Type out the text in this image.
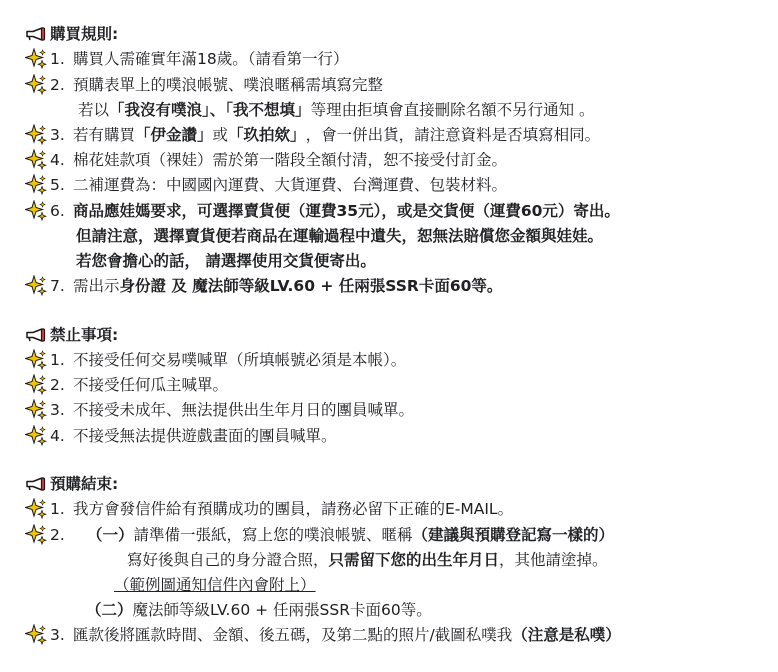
購買規則:
1. 購買人需確實年滿18歲。（請看第一行）
2. 預購表單上的噗浪帳號、噗浪暱稱需填寫完整
若以「我沒有噗浪」、「我不想填」等理由拒填會直接刪除名額不另行通知 。
3. 若有購買 「伊金讚」 或 「玖拍欸」 ，會一併出貨，請注意資料是否填寫相同。
4. 棉花娃款項（裸娃）需於第一階段全額付清，恕不接受付訂金。
5. 二補運費為：中國國內運費、大貨運費、台灣運費、包裝材料。
6. 商品應娃媽要求，可選擇賣貨便（運費35元），或是交貨便（運費60元）寄出。
但請注意，選擇賣貨便若商品在運輸過程中遺失，恕無法賠償您金額與娃娃。
若您會擔心的話， 請選擇使用交貨便寄出。
7. 需出示 身份證 及 魔法師等級LV.60 + 任兩張SSR卡面60等。
禁止事項:
1. 不接受任何交易噗喊單（所填帳號必須是本帳）。
2. 不接受任何瓜主喊單。
3. 不接受未成年、無法提供出生年月日的團員喊單。
4. 不接受無法提供遊戲畫面的團員喊單。
預購結束:
1. 我方會發信件給有預購成功的團員，請務必留下正確的E-MAIL。
2.	（一） 請準備一張紙，寫上您的噗浪帳號、暱稱 （建議與預購登記寫一樣的）
寫好後與自己的身分證合照，只需留下您的出生年月日，其他請塗掉。
（範例圖通知信件內會附上）
（二）魔法師等級LV.60 + 任兩張SSR卡面60等。
3. 匯款後將匯款時間、金額、後五碼，及第二點的照片/截圖私噗我 （注意是私噗）
